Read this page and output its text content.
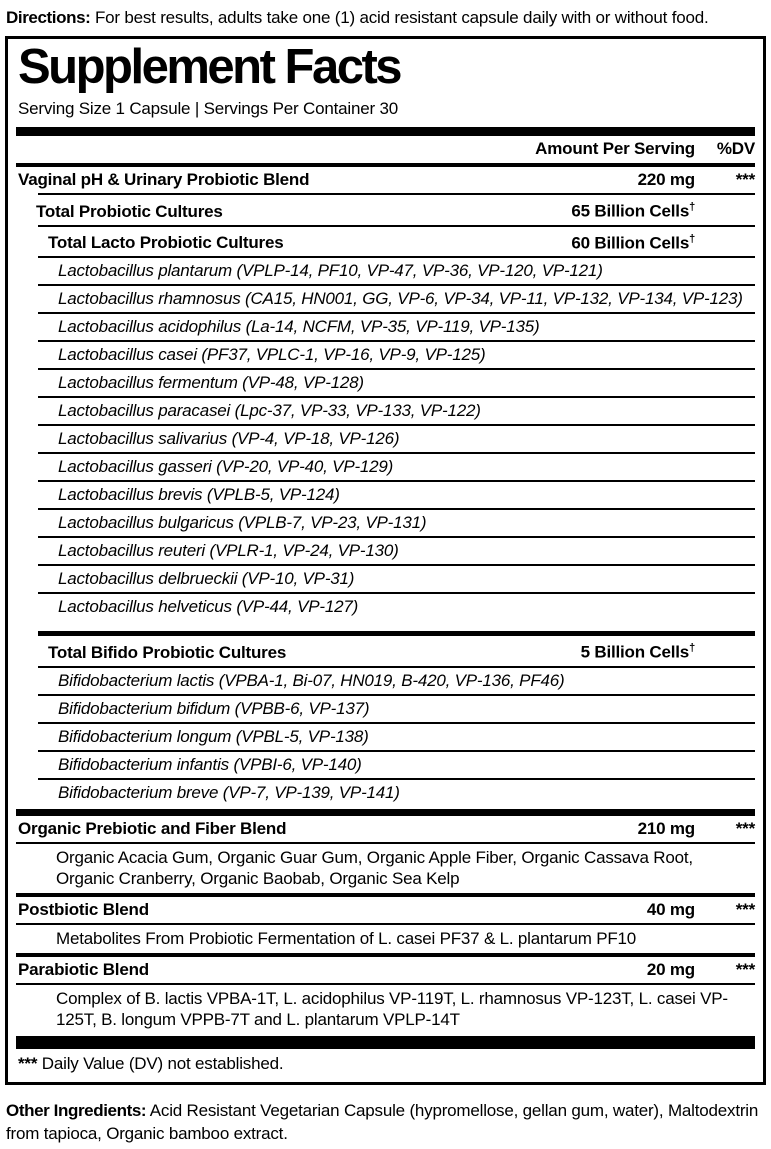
Directions: For best results, adults take one (1) acid resistant capsule daily with or without food.
Supplement Facts
Serving Size 1 Capsule | Servings Per Container 30
Amount Per Serving	%DV
Vaginal pH & Urinary Probiotic Blend	220 mg	***
Total Probiotic Cultures	65 Billion Cells†
Total Lacto Probiotic Cultures	60 Billion Cells†
Lactobacillus plantarum (VPLP-14, PF10, VP-47, VP-36, VP-120, VP-121)
Lactobacillus rhamnosus (CA15, HN001, GG, VP-6, VP-34, VP-11, VP-132, VP-134, VP-123)
Lactobacillus acidophilus (La-14, NCFM, VP-35, VP-119, VP-135)
Lactobacillus casei (PF37, VPLC-1, VP-16, VP-9, VP-125)
Lactobacillus fermentum (VP-48, VP-128)
Lactobacillus paracasei (Lpc-37, VP-33, VP-133, VP-122)
Lactobacillus salivarius (VP-4, VP-18, VP-126)
Lactobacillus gasseri (VP-20, VP-40, VP-129)
Lactobacillus brevis (VPLB-5, VP-124)
Lactobacillus bulgaricus (VPLB-7, VP-23, VP-131)
Lactobacillus reuteri (VPLR-1, VP-24, VP-130)
Lactobacillus delbrueckii (VP-10, VP-31)
Lactobacillus helveticus (VP-44, VP-127)
Total Bifido Probiotic Cultures	5 Billion Cells†
Bifidobacterium lactis (VPBA-1, Bi-07, HN019, B-420, VP-136, PF46)
Bifidobacterium bifidum (VPBB-6, VP-137)
Bifidobacterium longum (VPBL-5, VP-138)
Bifidobacterium infantis (VPBI-6, VP-140)
Bifidobacterium breve (VP-7, VP-139, VP-141)
Organic Prebiotic and Fiber Blend	210 mg	***
Organic Acacia Gum, Organic Guar Gum, Organic Apple Fiber, Organic Cassava Root, Organic Cranberry, Organic Baobab, Organic Sea Kelp
Postbiotic Blend	40 mg	***
Metabolites From Probiotic Fermentation of L. casei PF37 & L. plantarum PF10
Parabiotic Blend	20 mg	***
Complex of B. lactis VPBA-1T, L. acidophilus VP-119T, L. rhamnosus VP-123T, L. casei VP-125T, B. longum VPPB-7T and L. plantarum VPLP-14T
*** Daily Value (DV) not established.
Other Ingredients: Acid Resistant Vegetarian Capsule (hypromellose, gellan gum, water), Maltodextrin from tapioca, Organic bamboo extract.
